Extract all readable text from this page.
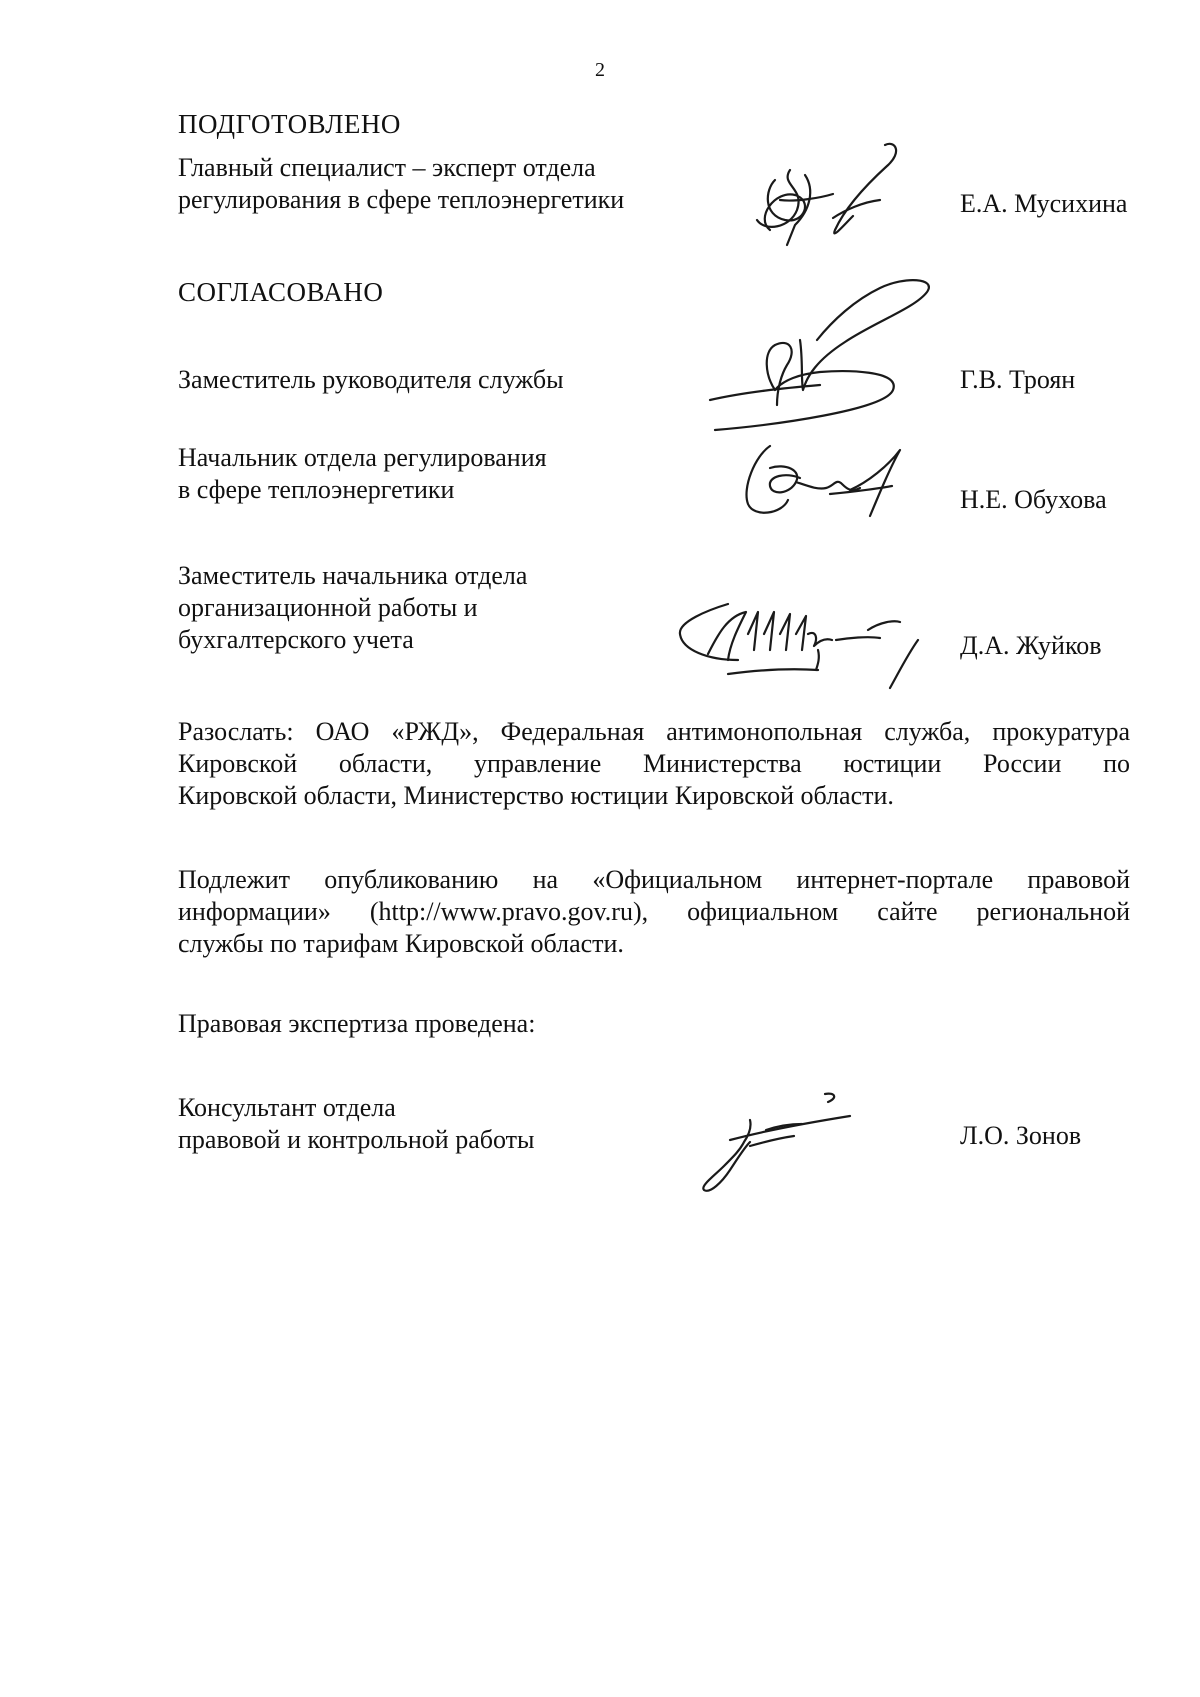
2
ПОДГОТОВЛЕНО
Главный специалист – эксперт отдела
регулирования в сфере теплоэнергетики	Е.А. Мусихина
СОГЛАСОВАНО
Заместитель руководителя службы	Г.В. Троян
Начальник отдела регулирования
в сфере теплоэнергетики	Н.Е. Обухова
Заместитель начальника отдела
организационной работы и
бухгалтерского учета	Д.А. Жуйков
Разослать: ОАО «РЖД», Федеральная антимонопольная служба, прокуратура
Кировской области, управление Министерства юстиции России по
Кировской области, Министерство юстиции Кировской области.
Подлежит опубликованию на «Официальном интернет-портале правовой
информации» (http://www.pravo.gov.ru), официальном сайте региональной
службы по тарифам Кировской области.
Правовая экспертиза проведена:
Консультант отдела
правовой и контрольной работы	Л.О. Зонов
